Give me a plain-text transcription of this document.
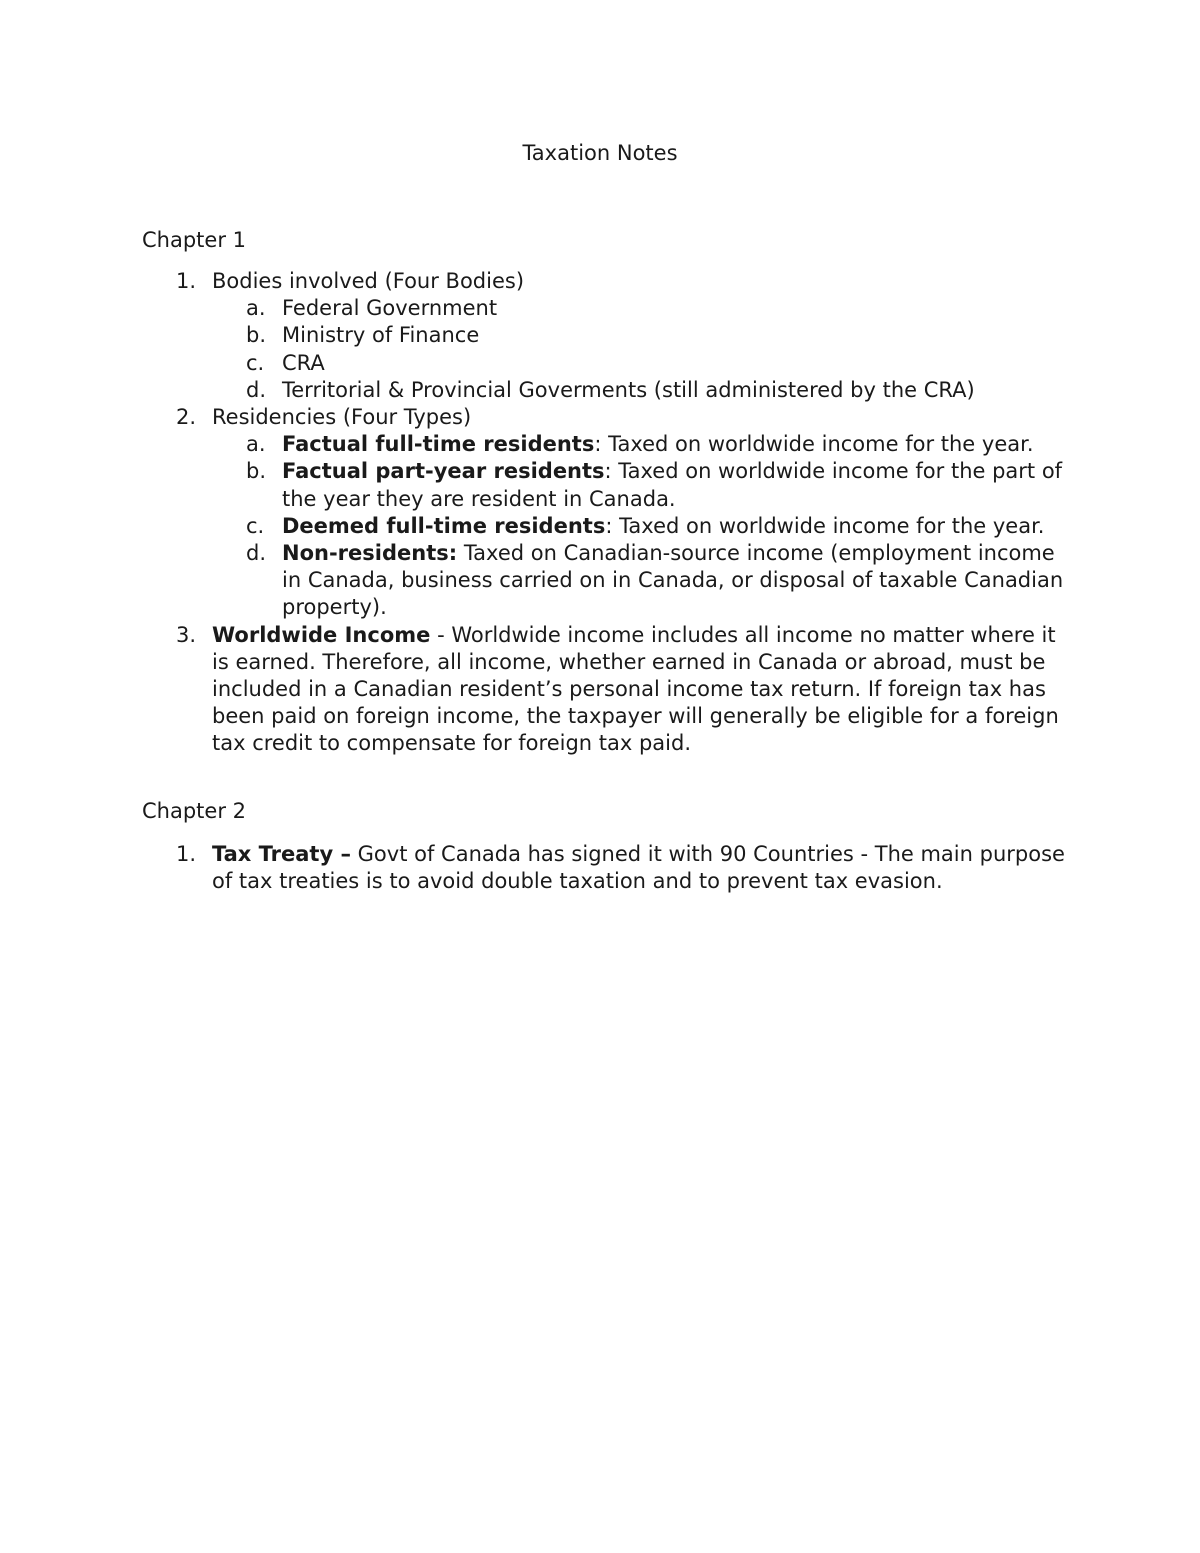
Taxation Notes
Chapter 1
1. Bodies involved (Four Bodies)
a. Federal Government
b. Ministry of Finance
c. CRA
d. Territorial & Provincial Goverments (still administered by the CRA)
2. Residencies (Four Types)
a. Factual full-time residents: Taxed on worldwide income for the year.
b. Factual part-year residents: Taxed on worldwide income for the part of the year they are resident in Canada.
c. Deemed full-time residents: Taxed on worldwide income for the year.
d. Non-residents: Taxed on Canadian-source income (employment income in Canada, business carried on in Canada, or disposal of taxable Canadian property).
3. Worldwide Income - Worldwide income includes all income no matter where it is earned. Therefore, all income, whether earned in Canada or abroad, must be included in a Canadian resident’s personal income tax return. If foreign tax has been paid on foreign income, the taxpayer will generally be eligible for a foreign tax credit to compensate for foreign tax paid.
Chapter 2
1. Tax Treaty – Govt of Canada has signed it with 90 Countries - The main purpose of tax treaties is to avoid double taxation and to prevent tax evasion.
